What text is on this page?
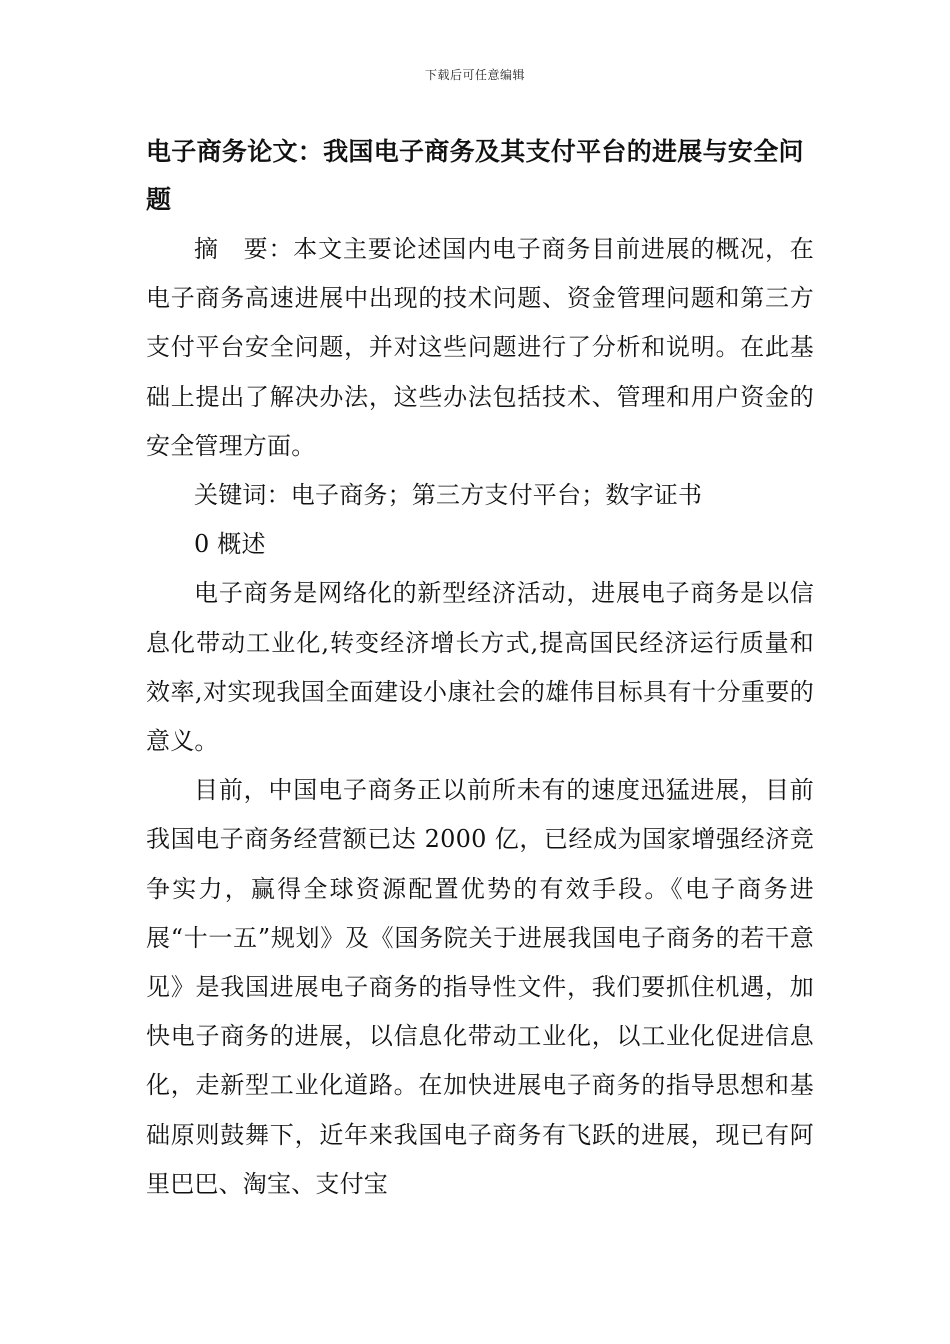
下载后可任意编辑
电子商务论文：我国电子商务及其支付平台的进展与安全问题

摘　要：本文主要论述国内电子商务目前进展的概况，在电子商务高速进展中出现的技术问题、资金管理问题和第三方支付平台安全问题，并对这些问题进行了分析和说明。在此基础上提出了解决办法，这些办法包括技术、管理和用户资金的安全管理方面。

关键词：电子商务；第三方支付平台；数字证书

0 概述

电子商务是网络化的新型经济活动，进展电子商务是以信息化带动工业化,转变经济增长方式,提高国民经济运行质量和效率,对实现我国全面建设小康社会的雄伟目标具有十分重要的意义。

目前，中国电子商务正以前所未有的速度迅猛进展，目前我国电子商务经营额已达 2000 亿，已经成为国家增强经济竞争实力，赢得全球资源配置优势的有效手段。《电子商务进展“十一五”规划》及《国务院关于进展我国电子商务的若干意见》是我国进展电子商务的指导性文件，我们要抓住机遇，加快电子商务的进展，以信息化带动工业化，以工业化促进信息化，走新型工业化道路。在加快进展电子商务的指导思想和基础原则鼓舞下，近年来我国电子商务有飞跃的进展，现已有阿里巴巴、淘宝、支付宝
